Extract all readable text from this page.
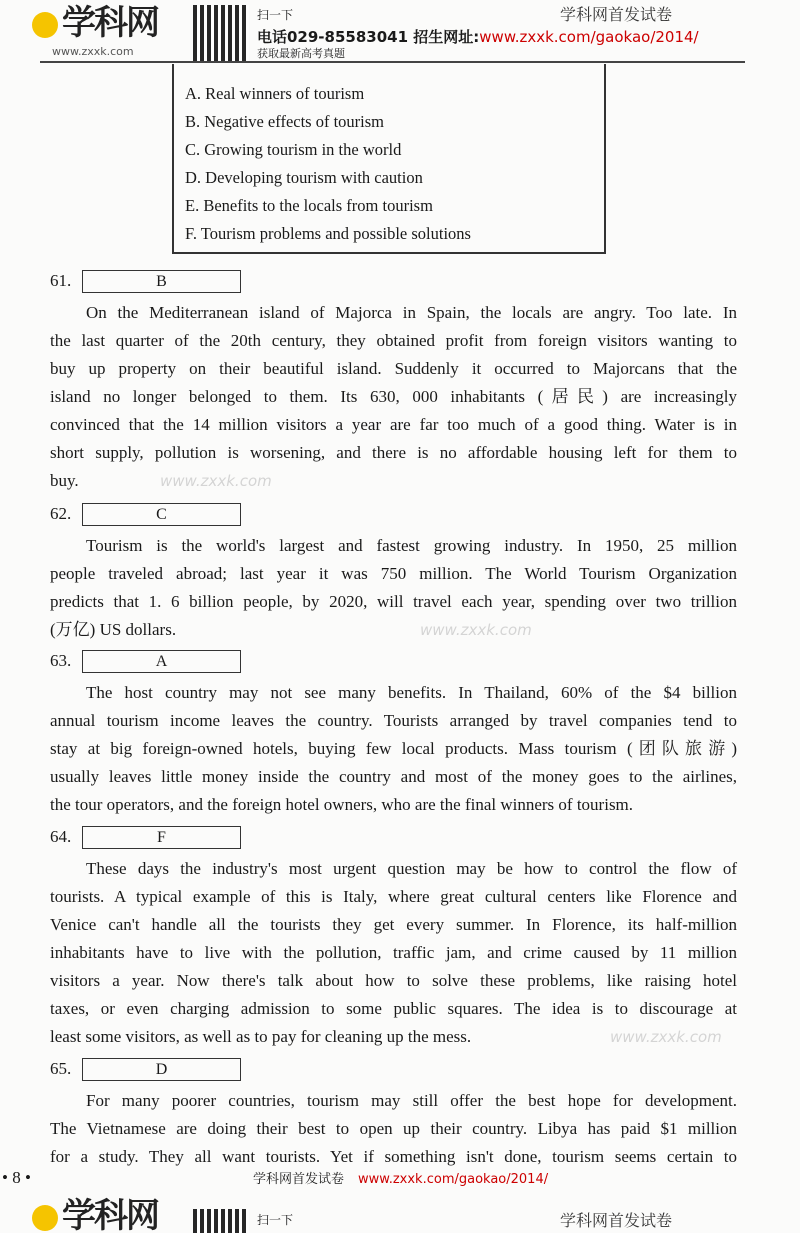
学科网
www.zxxk.com
扫一下
电话029-85583041 招生网址:www.zxxk.com/gaokao/2014/
获取最新高考真题
学科网首发试卷
A. Real winners of tourism
B. Negative effects of tourism
C. Growing tourism in the world
D. Developing tourism with caution
E. Benefits to the locals from tourism
F. Tourism problems and possible solutions
61.	B
On the Mediterranean island of Majorca in Spain, the locals are angry. Too late. In
the last quarter of the 20th century, they obtained profit from foreign visitors wanting to
buy up property on their beautiful island. Suddenly it occurred to Majorcans that the
island no longer belonged to them. Its 630, 000 inhabitants (居民) are increasingly
convinced that the 14 million visitors a year are far too much of a good thing. Water is in
short supply, pollution is worsening, and there is no affordable housing left for them to
buy.
62.	C
Tourism is the world's largest and fastest growing industry. In 1950, 25 million
people traveled abroad; last year it was 750 million. The World Tourism Organization
predicts that 1. 6 billion people, by 2020, will travel each year, spending over two trillion
(万亿) US dollars.
63.	A
The host country may not see many benefits. In Thailand, 60% of the $4 billion
annual tourism income leaves the country. Tourists arranged by travel companies tend to
stay at big foreign-owned hotels, buying few local products. Mass tourism (团队旅游)
usually leaves little money inside the country and most of the money goes to the airlines,
the tour operators, and the foreign hotel owners, who are the final winners of tourism.
64.	F
These days the industry's most urgent question may be how to control the flow of
tourists. A typical example of this is Italy, where great cultural centers like Florence and
Venice can't handle all the tourists they get every summer. In Florence, its half-million
inhabitants have to live with the pollution, traffic jam, and crime caused by 11 million
visitors a year. Now there's talk about how to solve these problems, like raising hotel
taxes, or even charging admission to some public squares. The idea is to discourage at
least some visitors, as well as to pay for cleaning up the mess.
65.	D
For many poorer countries, tourism may still offer the best hope for development.
The Vietnamese are doing their best to open up their country. Libya has paid $1 million
for a study. They all want tourists. Yet if something isn't done, tourism seems certain to
www.zxxk.com
www.zxxk.com
www.zxxk.com
学科网首发试卷 www.zxxk.com/gaokao/2014/
• 8 •
学科网	扫一下	学科网首发试卷
